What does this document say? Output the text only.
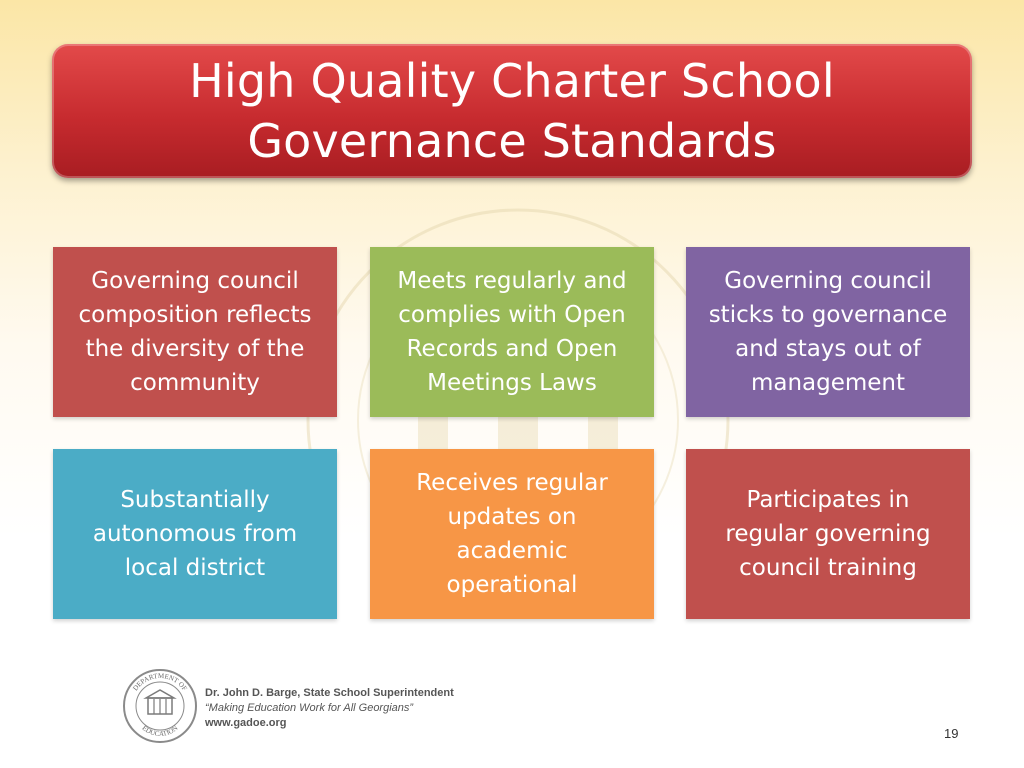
High Quality Charter School
Governance Standards
Governing council
composition reflects
the diversity of the
community
Meets regularly and
complies with Open
Records and Open
Meetings Laws
Governing council
sticks to governance
and stays out of
management
Substantially
autonomous from
local district
Receives regular
updates on
academic
operational
Participates in
regular governing
council training
DEPARTMENT OF
EDUCATION
Dr. John D. Barge, State School Superintendent
“Making Education Work for All Georgians”
www.gadoe.org
19
